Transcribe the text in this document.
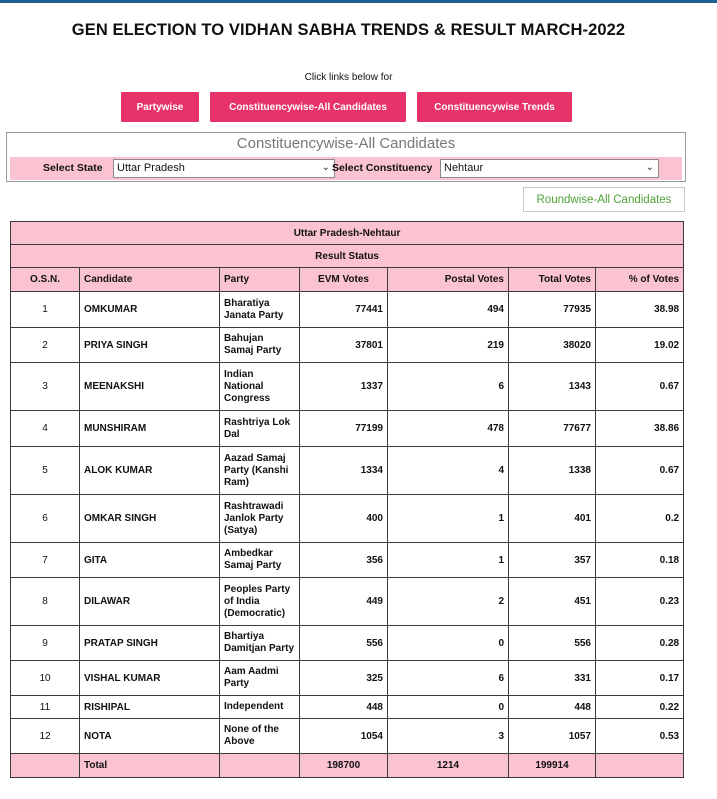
GEN ELECTION TO VIDHAN SABHA TRENDS & RESULT MARCH-2022
Click links below for
Partywise	Constituencywise-All Candidates	Constituencywise Trends
Constituencywise-All Candidates
Select State	Uttar Pradesh	⌄ Select Constituency	Nehtaur	⌄
Roundwise-All Candidates
Uttar Pradesh-Nehtaur						
Result Status						
O.S.N.	Candidate	Party	EVM Votes	Postal Votes	Total Votes	% of Votes
1	OMKUMAR	Bharatiya Janata Party	77441	494	77935	38.98
2	PRIYA SINGH	Bahujan Samaj Party	37801	219	38020	19.02
3	MEENAKSHI	Indian National Congress	1337	6	1343	0.67
4	MUNSHIRAM	Rashtriya Lok Dal	77199	478	77677	38.86
5	ALOK KUMAR	Aazad Samaj Party (Kanshi Ram)	1334	4	1338	0.67
6	OMKAR SINGH	Rashtrawadi Janlok Party (Satya)	400	1	401	0.2
7	GITA	Ambedkar Samaj Party	356	1	357	0.18
8	DILAWAR	Peoples Party of India (Democratic)	449	2	451	0.23
9	PRATAP SINGH	Bhartiya Damitjan Party	556	0	556	0.28
10	VISHAL KUMAR	Aam Aadmi Party	325	6	331	0.17
11	RISHIPAL	Independent	448	0	448	0.22
12	NOTA	None of the Above	1054	3	1057	0.53
	Total		198700	1214	199914	
